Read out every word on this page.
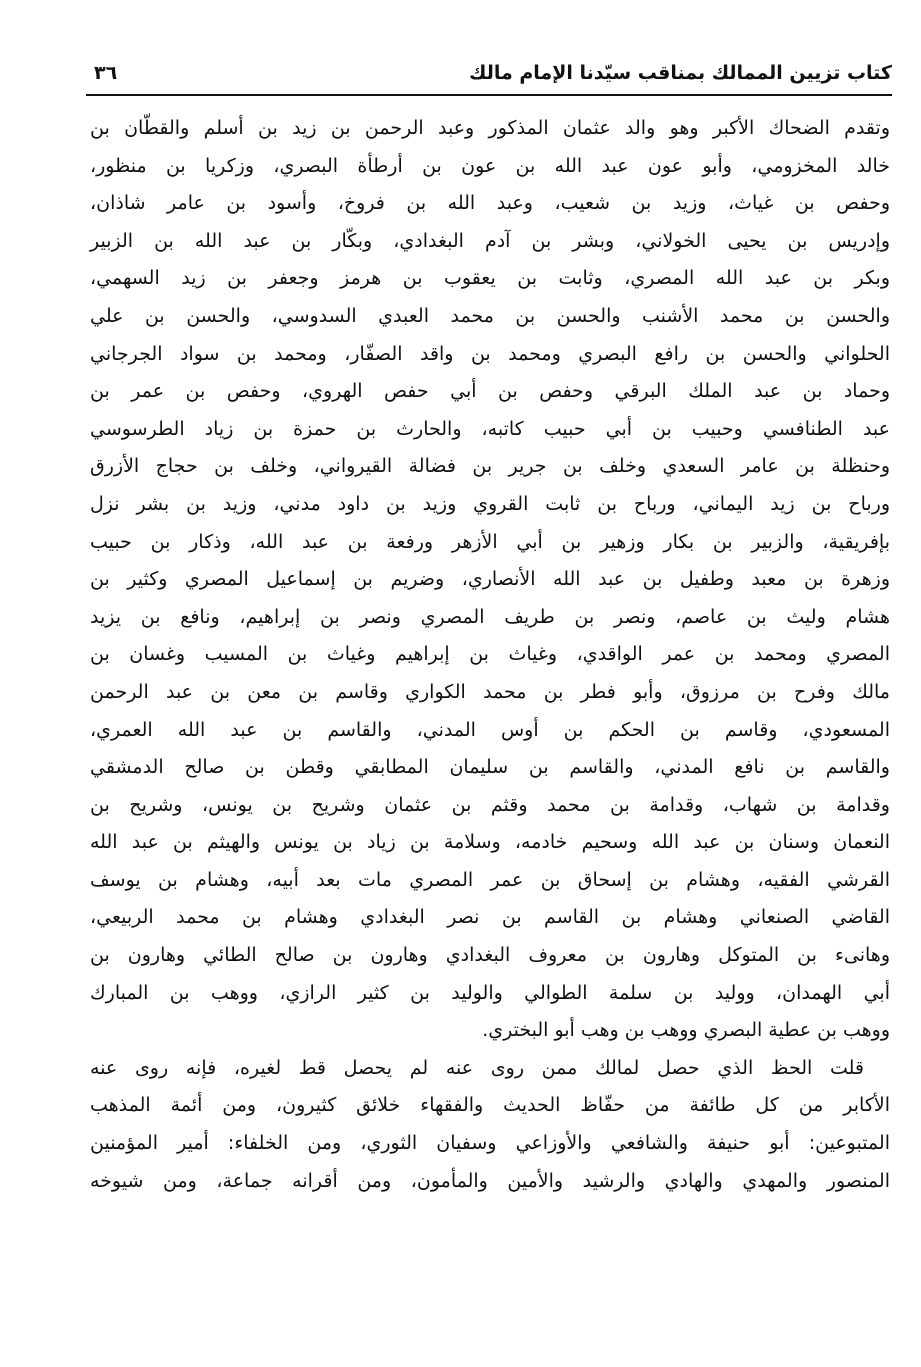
كتاب تزيين الممالك بمناقب سيّدنا الإمام مالك
٣٦
وتقدم الضحاك الأكبر وهو والد عثمان المذكور وعبد الرحمن بن زيد بن أسلم والقطّان بن
خالد المخزومي، وأبو عون عبد الله بن عون بن أرطأة البصري، وزكريا بن منظور،
وحفص بن غياث، وزيد بن شعيب، وعبد الله بن فروخ، وأسود بن عامر شاذان،
وإدريس بن يحيى الخولاني، وبشر بن آدم البغدادي، وبكّار بن عبد الله بن الزبير
وبكر بن عبد الله المصري، وثابت بن يعقوب بن هرمز وجعفر بن زيد السهمي،
والحسن بن محمد الأشنب والحسن بن محمد العبدي السدوسي، والحسن بن علي
الحلواني والحسن بن رافع البصري ومحمد بن واقد الصفّار، ومحمد بن سواد الجرجاني
وحماد بن عبد الملك البرقي وحفص بن أبي حفص الهروي، وحفص بن عمر بن
عبد الطنافسي وحبيب بن أبي حبيب كاتبه، والحارث بن حمزة بن زياد الطرسوسي
وحنظلة بن عامر السعدي وخلف بن جرير بن فضالة القيرواني، وخلف بن حجاج الأزرق
ورباح بن زيد اليماني، ورباح بن ثابت القروي وزيد بن داود مدني، وزيد بن بشر نزل
بإفريقية، والزبير بن بكار وزهير بن أبي الأزهر ورفعة بن عبد الله، وذكار بن حبيب
وزهرة بن معبد وطفيل بن عبد الله الأنصاري، وضريم بن إسماعيل المصري وكثير بن
هشام وليث بن عاصم، ونصر بن طريف المصري ونصر بن إبراهيم، ونافع بن يزيد
المصري ومحمد بن عمر الواقدي، وغياث بن إبراهيم وغياث بن المسيب وغسان بن
مالك وفرح بن مرزوق، وأبو فطر بن محمد الكواري وقاسم بن معن بن عبد الرحمن
المسعودي، وقاسم بن الحكم بن أوس المدني، والقاسم بن عبد الله العمري،
والقاسم بن نافع المدني، والقاسم بن سليمان المطابقي وقطن بن صالح الدمشقي
وقدامة بن شهاب، وقدامة بن محمد وقثم بن عثمان وشريح بن يونس، وشريح بن
النعمان وسنان بن عبد الله وسحيم خادمه، وسلامة بن زياد بن يونس والهيثم بن عبد الله
القرشي الفقيه، وهشام بن إسحاق بن عمر المصري مات بعد أبيه، وهشام بن يوسف
القاضي الصنعاني وهشام بن القاسم بن نصر البغدادي وهشام بن محمد الربيعي،
وهانىء بن المتوكل وهارون بن معروف البغدادي وهارون بن صالح الطائي وهارون بن
أبي الهمدان، ووليد بن سلمة الطوالي والوليد بن كثير الرازي، ووهب بن المبارك
ووهب بن عطية البصري ووهب بن وهب أبو البختري.
قلت الحظ الذي حصل لمالك ممن روى عنه لم يحصل قط لغيره، فإنه روى عنه
الأكابر من كل طائفة من حفّاظ الحديث والفقهاء خلائق كثيرون، ومن أئمة المذهب
المتبوعين: أبو حنيفة والشافعي والأوزاعي وسفيان الثوري، ومن الخلفاء: أمير المؤمنين
المنصور والمهدي والهادي والرشيد والأمين والمأمون، ومن أقرانه جماعة، ومن شيوخه
